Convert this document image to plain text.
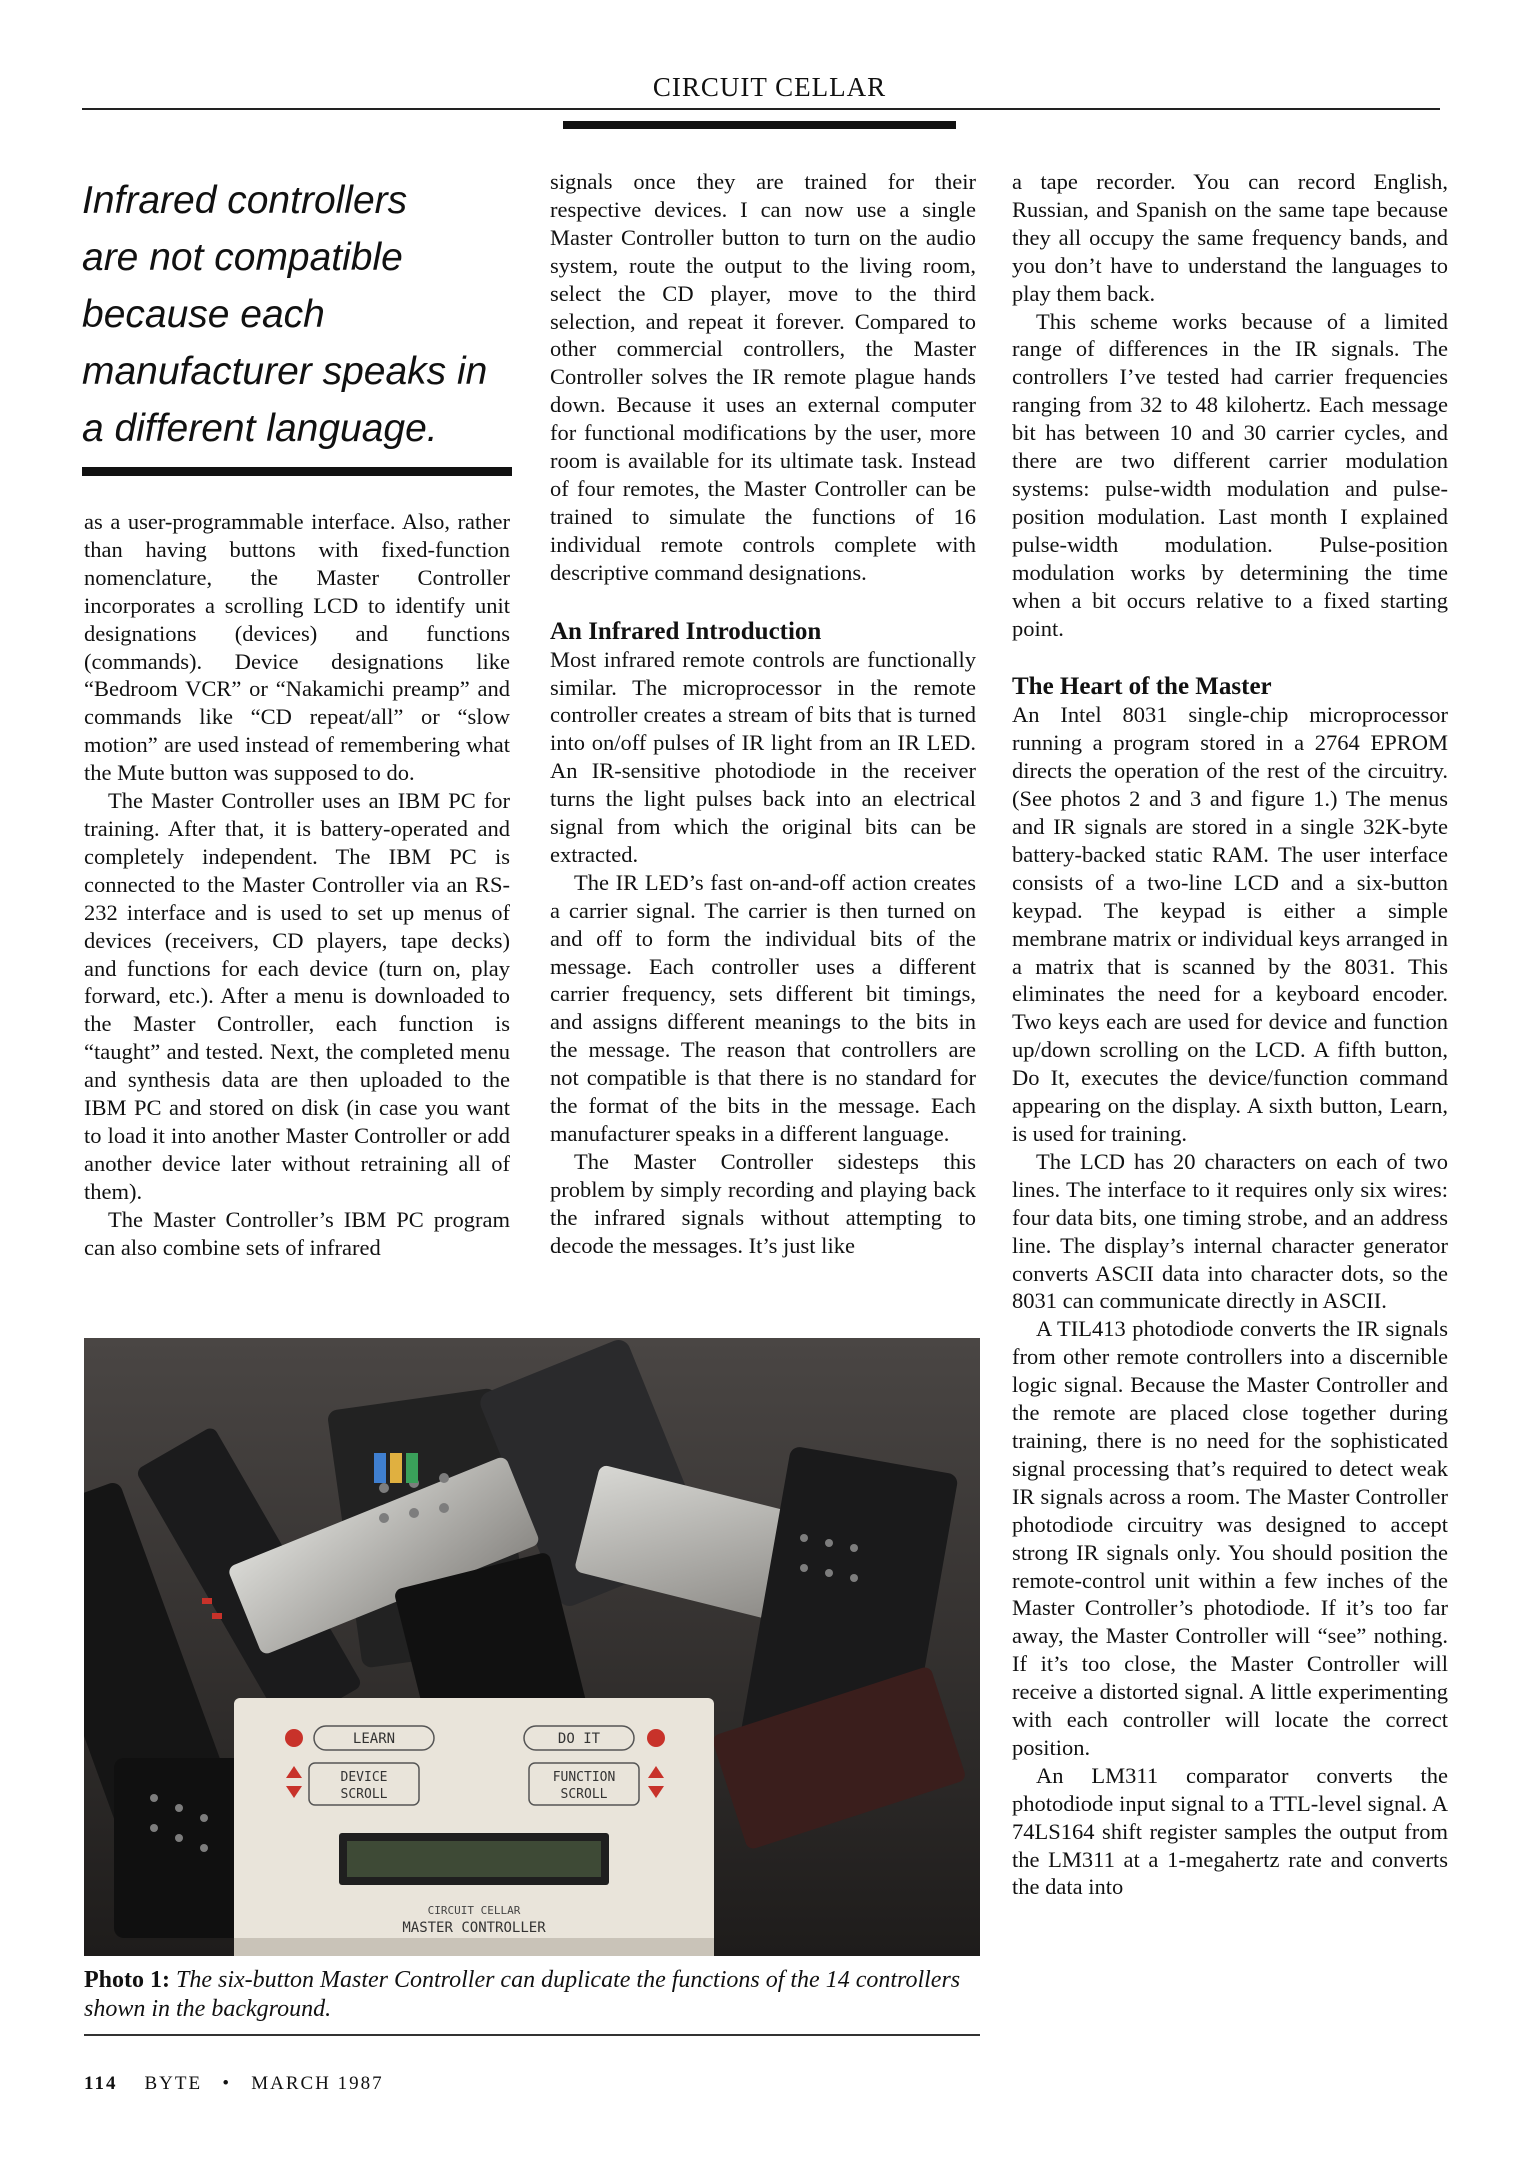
CIRCUIT CELLAR

Infrared controllers

are not compatible

because each

manufacturer speaks in

a different language.

as a user-programmable interface. Also, rather than having buttons with fixed-function nomenclature, the Master Controller incorporates a scrolling LCD to identify unit designations (devices) and functions (commands). Device designations like “Bedroom VCR” or “Nakamichi preamp” and commands like “CD repeat/all” or “slow motion” are used instead of remembering what the Mute button was supposed to do.

The Master Controller uses an IBM PC for training. After that, it is battery-operated and completely independent. The IBM PC is connected to the Master Controller via an RS-232 interface and is used to set up menus of devices (receivers, CD players, tape decks) and functions for each device (turn on, play forward, etc.). After a menu is downloaded to the Master Controller, each function is “taught” and tested. Next, the completed menu and synthesis data are then uploaded to the IBM PC and stored on disk (in case you want to load it into another Master Controller or add another device later without retraining all of them).

The Master Controller’s IBM PC program can also combine sets of infrared

signals once they are trained for their respective devices. I can now use a single Master Controller button to turn on the audio system, route the output to the living room, select the CD player, move to the third selection, and repeat it forever. Compared to other commercial controllers, the Master Controller solves the IR remote plague hands down. Because it uses an external computer for functional modifications by the user, more room is available for its ultimate task. Instead of four remotes, the Master Controller can be trained to simulate the functions of 16 individual remote controls complete with descriptive command designations.

An Infrared Introduction

Most infrared remote controls are functionally similar. The microprocessor in the remote controller creates a stream of bits that is turned into on/off pulses of IR light from an IR LED. An IR-sensitive photodiode in the receiver turns the light pulses back into an electrical signal from which the original bits can be extracted.

The IR LED’s fast on-and-off action creates a carrier signal. The carrier is then turned on and off to form the individual bits of the message. Each controller uses a different carrier frequency, sets different bit timings, and assigns different meanings to the bits in the message. The reason that controllers are not compatible is that there is no standard for the format of the bits in the message. Each manufacturer speaks in a different language.

The Master Controller sidesteps this problem by simply recording and playing back the infrared signals without attempting to decode the messages. It’s just like

a tape recorder. You can record English, Russian, and Spanish on the same tape because they all occupy the same frequency bands, and you don’t have to understand the languages to play them back.

This scheme works because of a limited range of differences in the IR signals. The controllers I’ve tested had carrier frequencies ranging from 32 to 48 kilohertz. Each message bit has between 10 and 30 carrier cycles, and there are two different carrier modulation systems: pulse-width modulation and pulse-position modulation. Last month I explained pulse-width modulation. Pulse-position modulation works by determining the time when a bit occurs relative to a fixed starting point.

The Heart of the Master

An Intel 8031 single-chip microprocessor running a program stored in a 2764 EPROM directs the operation of the rest of the circuitry. (See photos 2 and 3 and figure 1.) The menus and IR signals are stored in a single 32K-byte battery-backed static RAM. The user interface consists of a two-line LCD and a six-button keypad. The keypad is either a simple membrane matrix or individual keys arranged in a matrix that is scanned by the 8031. This eliminates the need for a keyboard encoder. Two keys each are used for device and function up/down scrolling on the LCD. A fifth button, Do It, executes the device/function command appearing on the display. A sixth button, Learn, is used for training.

The LCD has 20 characters on each of two lines. The interface to it requires only six wires: four data bits, one timing strobe, and an address line. The display’s internal character generator converts ASCII data into character dots, so the 8031 can communicate directly in ASCII.

A TIL413 photodiode converts the IR signals from other remote controllers into a discernible logic signal. Because the Master Controller and the remote are placed close together during training, there is no need for the sophisticated signal processing that’s required to detect weak IR signals across a room. The Master Controller photodiode circuitry was designed to accept strong IR signals only. You should position the remote-control unit within a few inches of the Master Controller’s photodiode. If it’s too far away, the Master Controller will “see” nothing. If it’s too close, the Master Controller will receive a distorted signal. A little experimenting with each controller will locate the correct position.

An LM311 comparator converts the photodiode input signal to a TTL-level signal. A 74LS164 shift register samples the output from the LM311 at a 1-megahertz rate and converts the data into

LEARN	DO IT
DEVICE
SCROLL
FUNCTION
SCROLL
CIRCUIT CELLAR
MASTER CONTROLLER
Photo 1: The six-button Master Controller can duplicate the functions of the 14 controllers shown in the background.
114 BYTE • MARCH 1987
